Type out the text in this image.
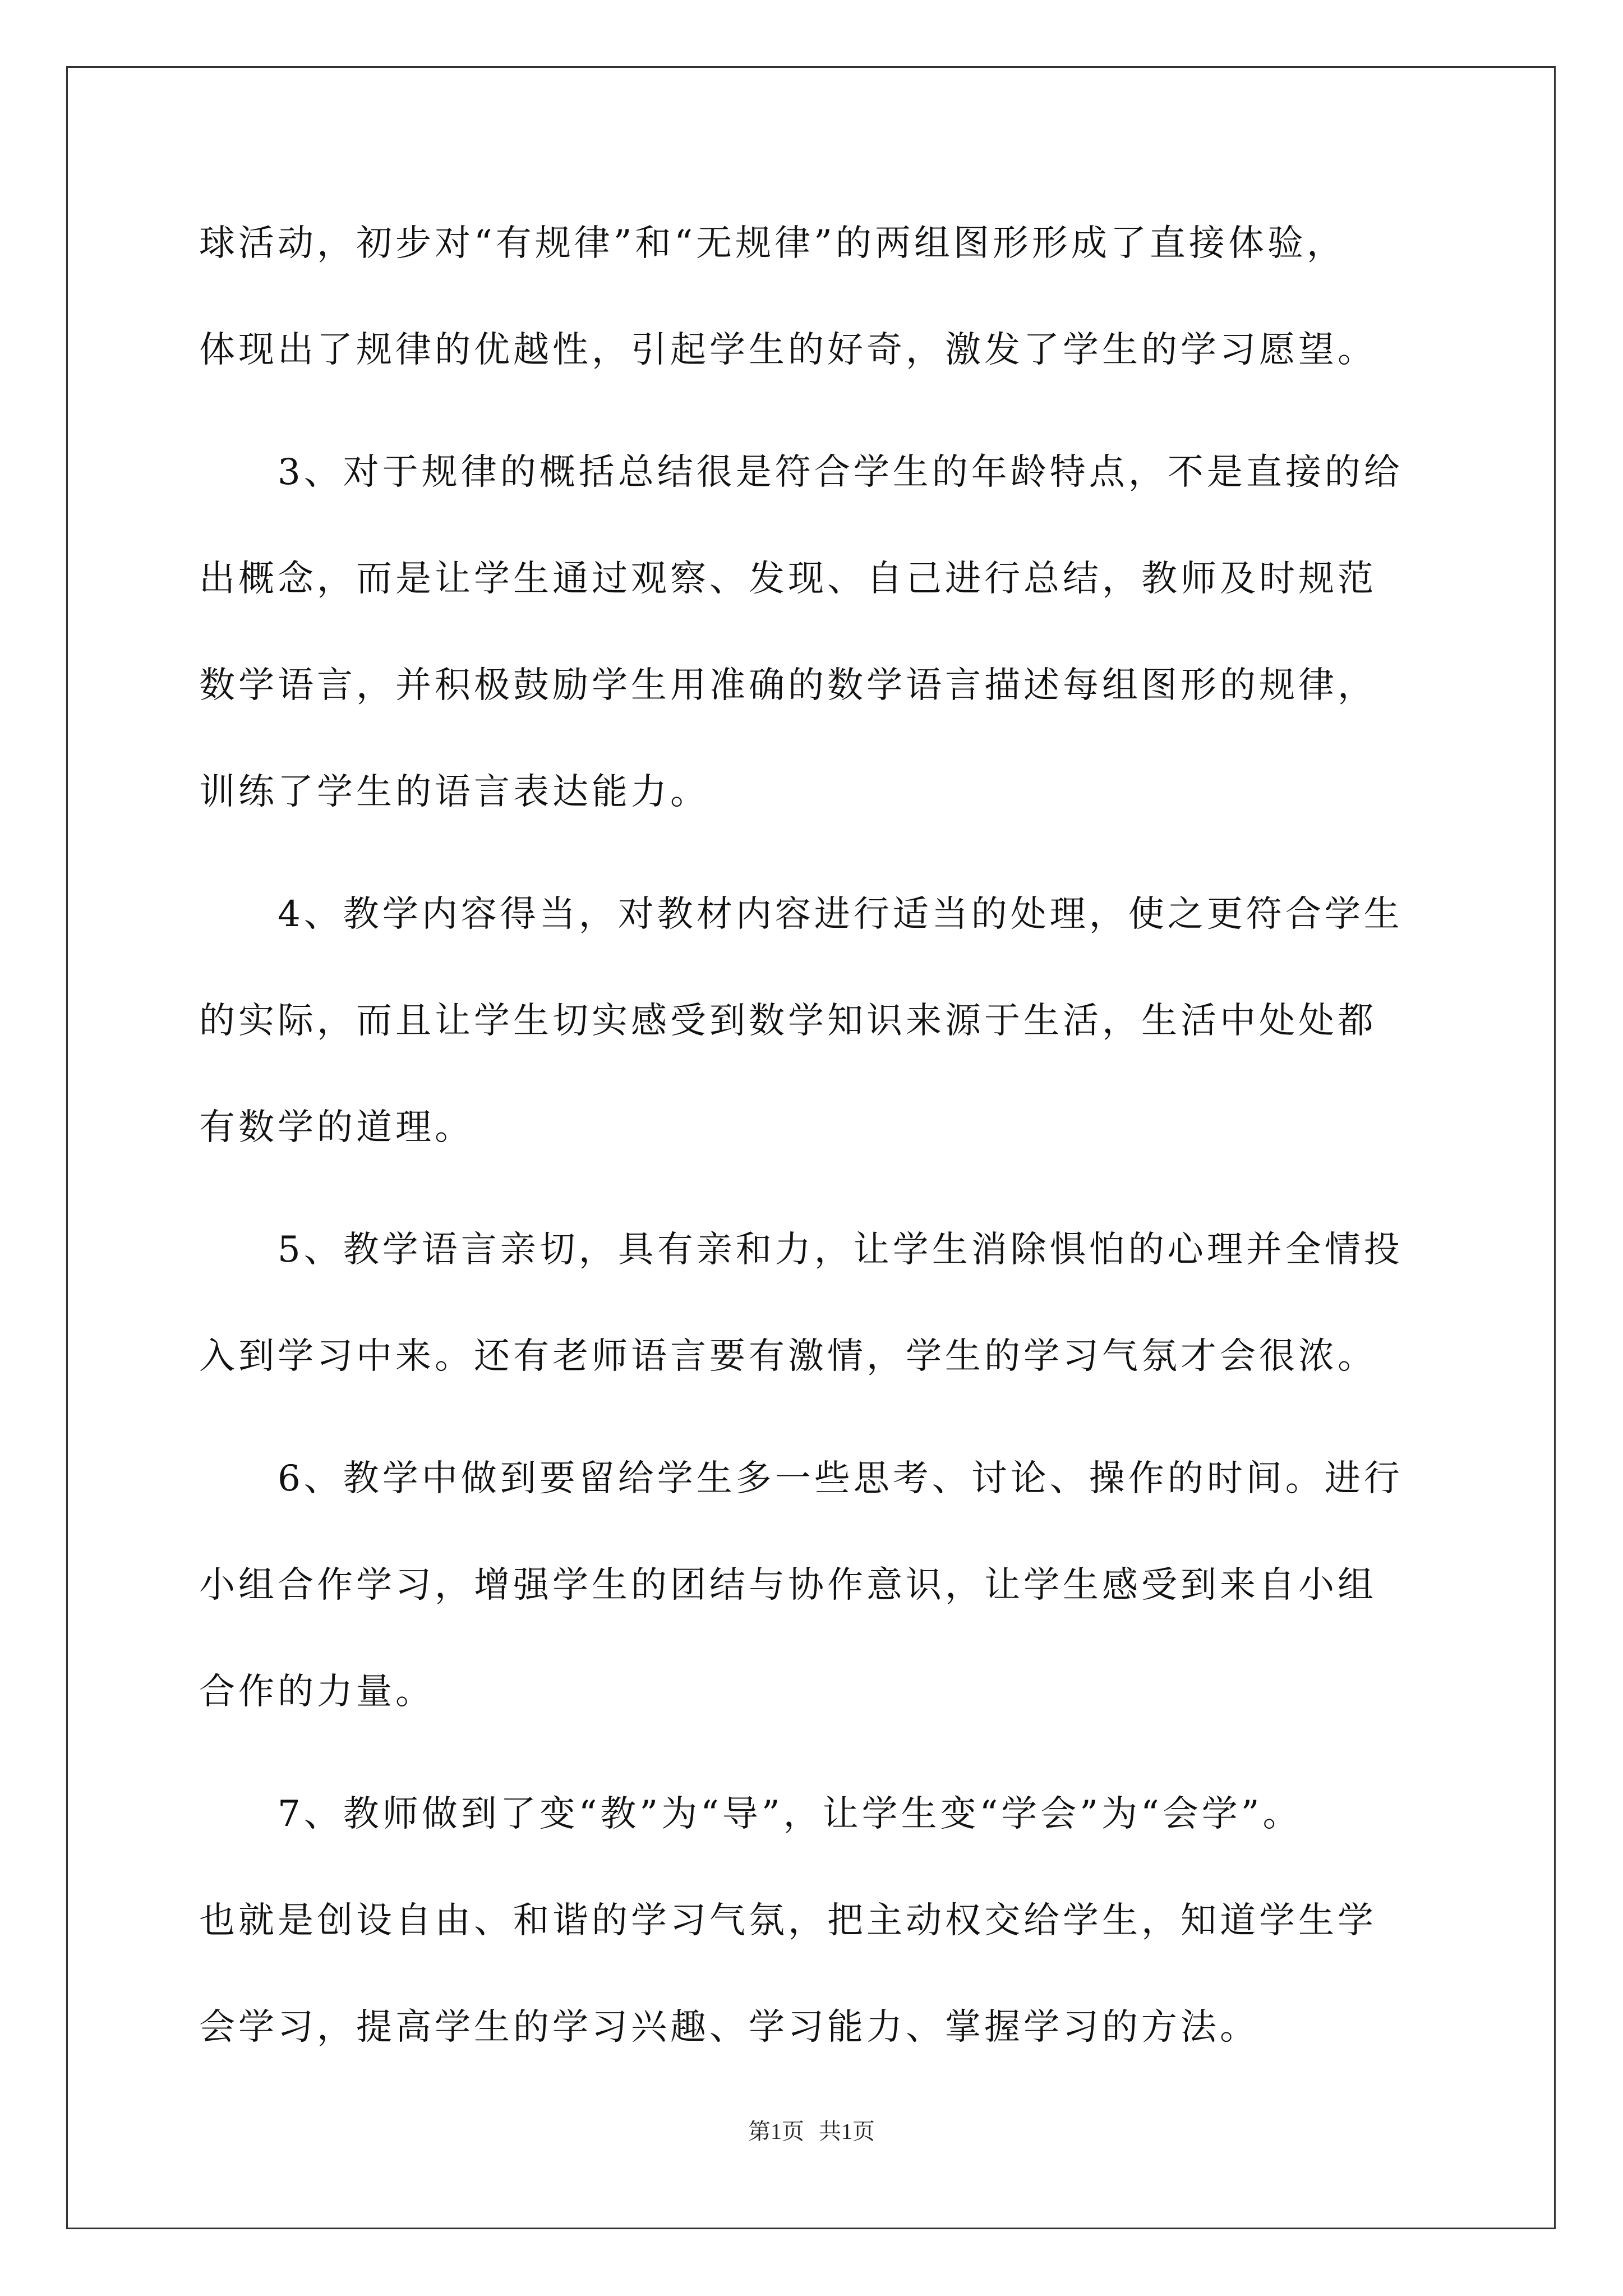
球活动，初步对“有规律”和“无规律”的两组图形形成了直接体验，
体现出了规律的优越性，引起学生的好奇，激发了学生的学习愿望。
3、对于规律的概括总结很是符合学生的年龄特点，不是直接的给
出概念，而是让学生通过观察、发现、自己进行总结，教师及时规范
数学语言，并积极鼓励学生用准确的数学语言描述每组图形的规律，
训练了学生的语言表达能力。
4、教学内容得当，对教材内容进行适当的处理，使之更符合学生
的实际，而且让学生切实感受到数学知识来源于生活，生活中处处都
有数学的道理。
5、教学语言亲切，具有亲和力，让学生消除惧怕的心理并全情投
入到学习中来。还有老师语言要有激情，学生的学习气氛才会很浓。
6、教学中做到要留给学生多一些思考、讨论、操作的时间。进行
小组合作学习，增强学生的团结与协作意识，让学生感受到来自小组
合作的力量。
7、教师做到了变“教”为“导”，让学生变“学会”为“会学”。
也就是创设自由、和谐的学习气氛，把主动权交给学生，知道学生学
会学习，提高学生的学习兴趣、学习能力、掌握学习的方法。
第1页 共1页
